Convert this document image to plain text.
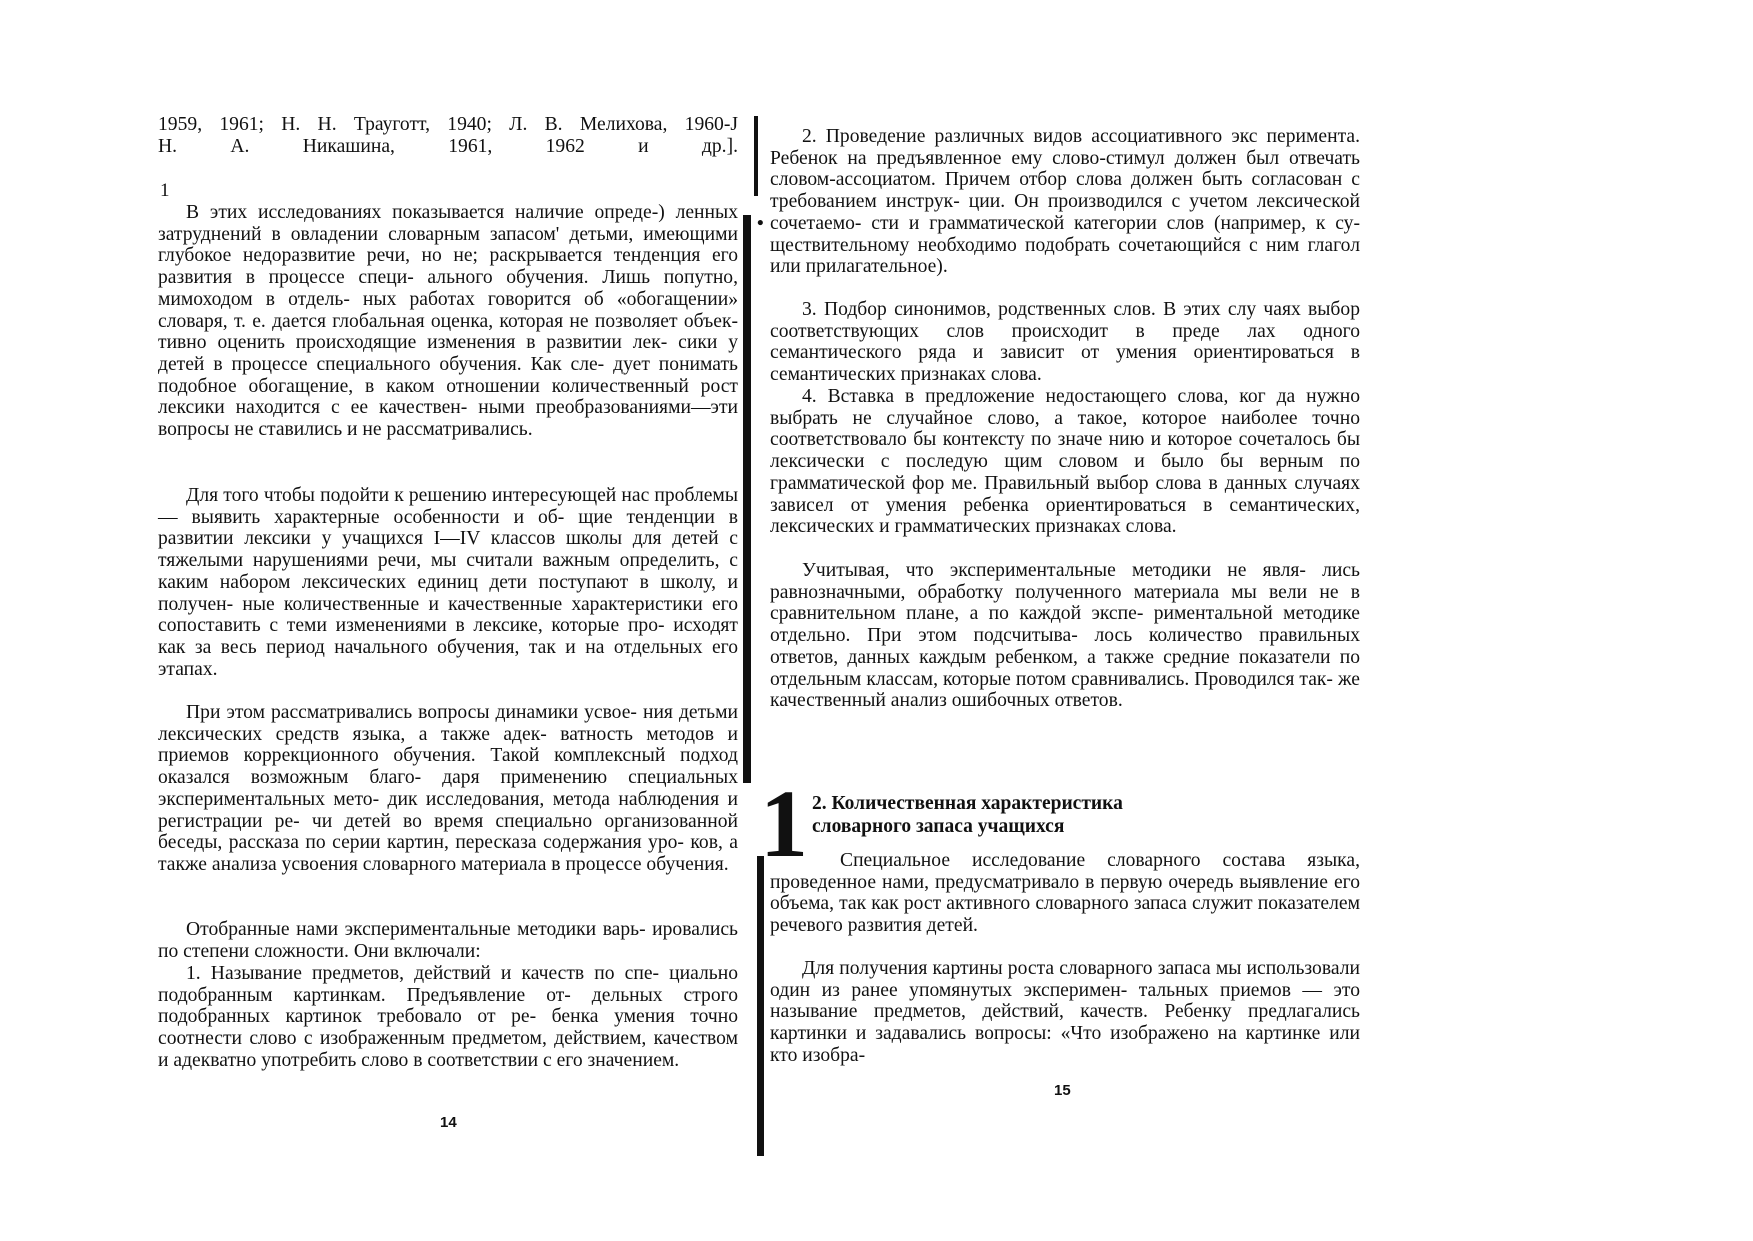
1959, 1961; Н. Н. Трауготт, 1940; Л. В. Мелихова, 1960-J

Н. А. Никашина, 1961, 1962 и др.].

1

В этих исследованиях показывается наличие опреде-) ленных затруднений в овладении словарным запасом' детьми, имеющими глубокое недоразвитие речи, но не; раскрывается тенденция его развития в процессе специ- ального обучения. Лишь попутно, мимоходом в отдель- ных работах говорится об «обогащении» словаря, т. е. дается глобальная оценка, которая не позволяет объек- тивно оценить происходящие изменения в развитии лек- сики у детей в процессе специального обучения. Как сле- дует понимать подобное обогащение, в каком отношении количественный рост лексики находится с ее качествен- ными преобразованиями—эти вопросы не ставились и не рассматривались.

Для того чтобы подойти к решению интересующей нас проблемы — выявить характерные особенности и об- щие тенденции в развитии лексики у учащихся I—IV классов школы для детей с тяжелыми нарушениями речи, мы считали важным определить, с каким набором лексических единиц дети поступают в школу, и получен- ные количественные и качественные характеристики его сопоставить с теми изменениями в лексике, которые про- исходят как за весь период начального обучения, так и на отдельных его этапах.

При этом рассматривались вопросы динамики усвое- ния детьми лексических средств языка, а также адек- ватность методов и приемов коррекционного обучения. Такой комплексный подход оказался возможным благо- даря применению специальных экспериментальных мето- дик исследования, метода наблюдения и регистрации ре- чи детей во время специально организованной беседы, рассказа по серии картин, пересказа содержания уро- ков, а также анализа усвоения словарного материала в процессе обучения.

Отобранные нами экспериментальные методики варь- ировались по степени сложности. Они включали:

1. Называние предметов, действий и качеств по спе- циально подобранным картинкам. Предъявление от- дельных строго подобранных картинок требовало от ре- бенка умения точно соотнести слово с изображенным предметом, действием, качеством и адекватно употребить слово в соответствии с его значением.

14

2. Проведение различных видов ассоциативного экс перимента. Ребенок на предъявленное ему слово-стимул должен был отвечать словом-ассоциатом. Причем отбор слова должен быть согласован с требованием инструк- ции. Он производился с учетом лексической сочетаемо- сти и грамматической категории слов (например, к су- ществительному необходимо подобрать сочетающийся с ним глагол или прилагательное).

3. Подбор синонимов, родственных слов. В этих слу чаях выбор соответствующих слов происходит в преде лах одного семантического ряда и зависит от умения ориентироваться в семантических признаках слова.

4. Вставка в предложение недостающего слова, ког да нужно выбрать не случайное слово, а такое, которое наиболее точно соответствовало бы контексту по значе нию и которое сочеталось бы лексически с последую щим словом и было бы верным по грамматической фор ме. Правильный выбор слова в данных случаях зависел от умения ребенка ориентироваться в семантических, лексических и грамматических признаках слова.

Учитывая, что экспериментальные методики не явля- лись равнозначными, обработку полученного материала мы вели не в сравнительном плане, а по каждой экспе- риментальной методике отдельно. При этом подсчитыва- лось количество правильных ответов, данных каждым ребенком, а также средние показатели по отдельным классам, которые потом сравнивались. Проводился так- же качественный анализ ошибочных ответов.

Специальное исследование словарного состава языка, проведенное нами, предусматривало в первую очередь выявление его объема, так как рост активного словарного запаса служит показателем речевого развития детей.

Для получения картины роста словарного запаса мы использовали один из ранее упомянутых эксперимен- тальных приемов — это называние предметов, действий, качеств. Ребенку предлагались картинки и задавались вопросы: «Что изображено на картинке или кто изобра-

15
•
1 2. Количественная характеристика
словарного запаса учащихся
